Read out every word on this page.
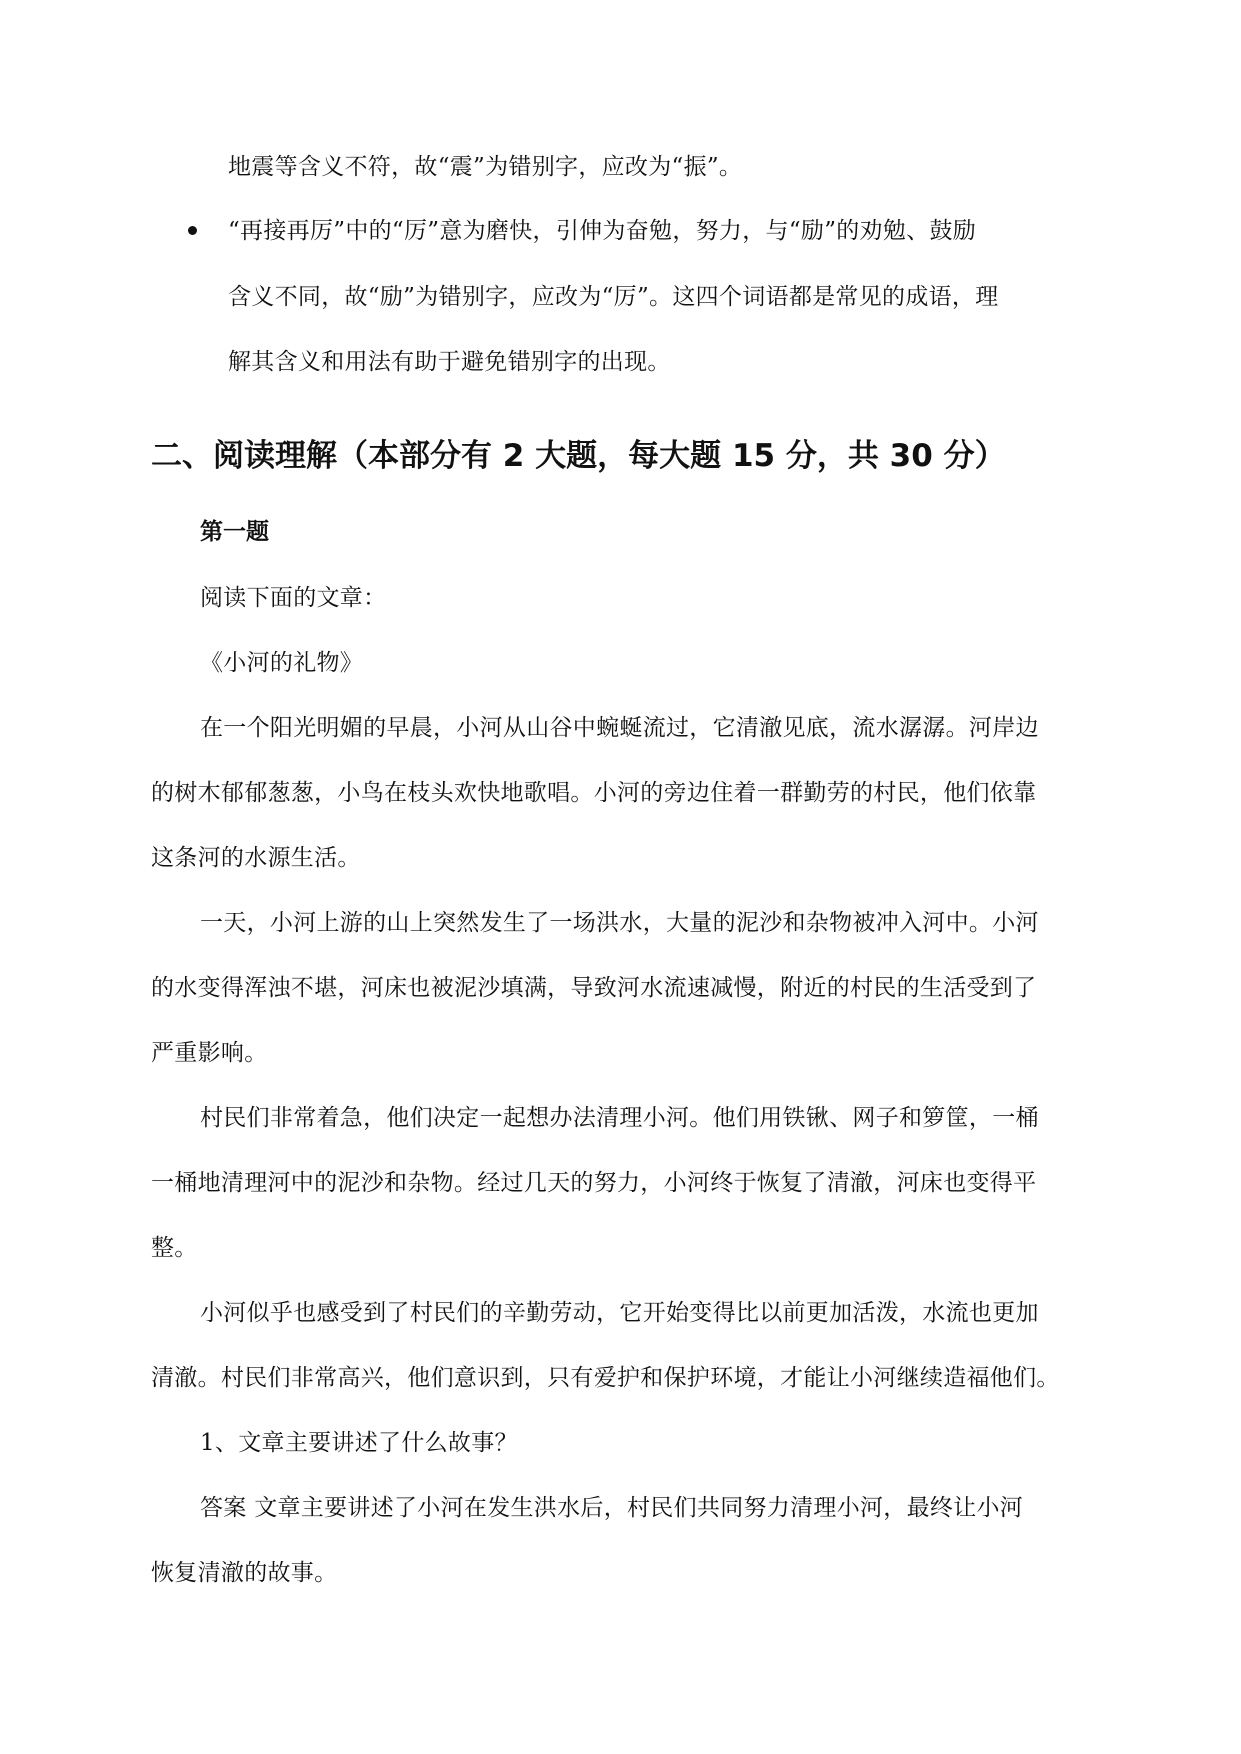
地震等含义不符，故“震”为错别字，应改为“振”。
“再接再厉”中的“厉”意为磨快，引伸为奋勉，努力，与“励”的劝勉、鼓励
含义不同，故“励”为错别字，应改为“厉”。这四个词语都是常见的成语，理
解其含义和用法有助于避免错别字的出现。
二、阅读理解（本部分有 2 大题，每大题 15 分，共 30 分）
第一题
阅读下面的文章：
《小河的礼物》
在一个阳光明媚的早晨，小河从山谷中蜿蜒流过，它清澈见底，流水潺潺。河岸边
的树木郁郁葱葱，小鸟在枝头欢快地歌唱。小河的旁边住着一群勤劳的村民，他们依靠
这条河的水源生活。
一天，小河上游的山上突然发生了一场洪水，大量的泥沙和杂物被冲入河中。小河
的水变得浑浊不堪，河床也被泥沙填满，导致河水流速减慢，附近的村民的生活受到了
严重影响。
村民们非常着急，他们决定一起想办法清理小河。他们用铁锹、网子和箩筐，一桶
一桶地清理河中的泥沙和杂物。经过几天的努力，小河终于恢复了清澈，河床也变得平
整。
小河似乎也感受到了村民们的辛勤劳动，它开始变得比以前更加活泼，水流也更加
清澈。村民们非常高兴，他们意识到，只有爱护和保护环境，才能让小河继续造福他们。
1、文章主要讲述了什么故事？
答案 文章主要讲述了小河在发生洪水后，村民们共同努力清理小河，最终让小河
恢复清澈的故事。
